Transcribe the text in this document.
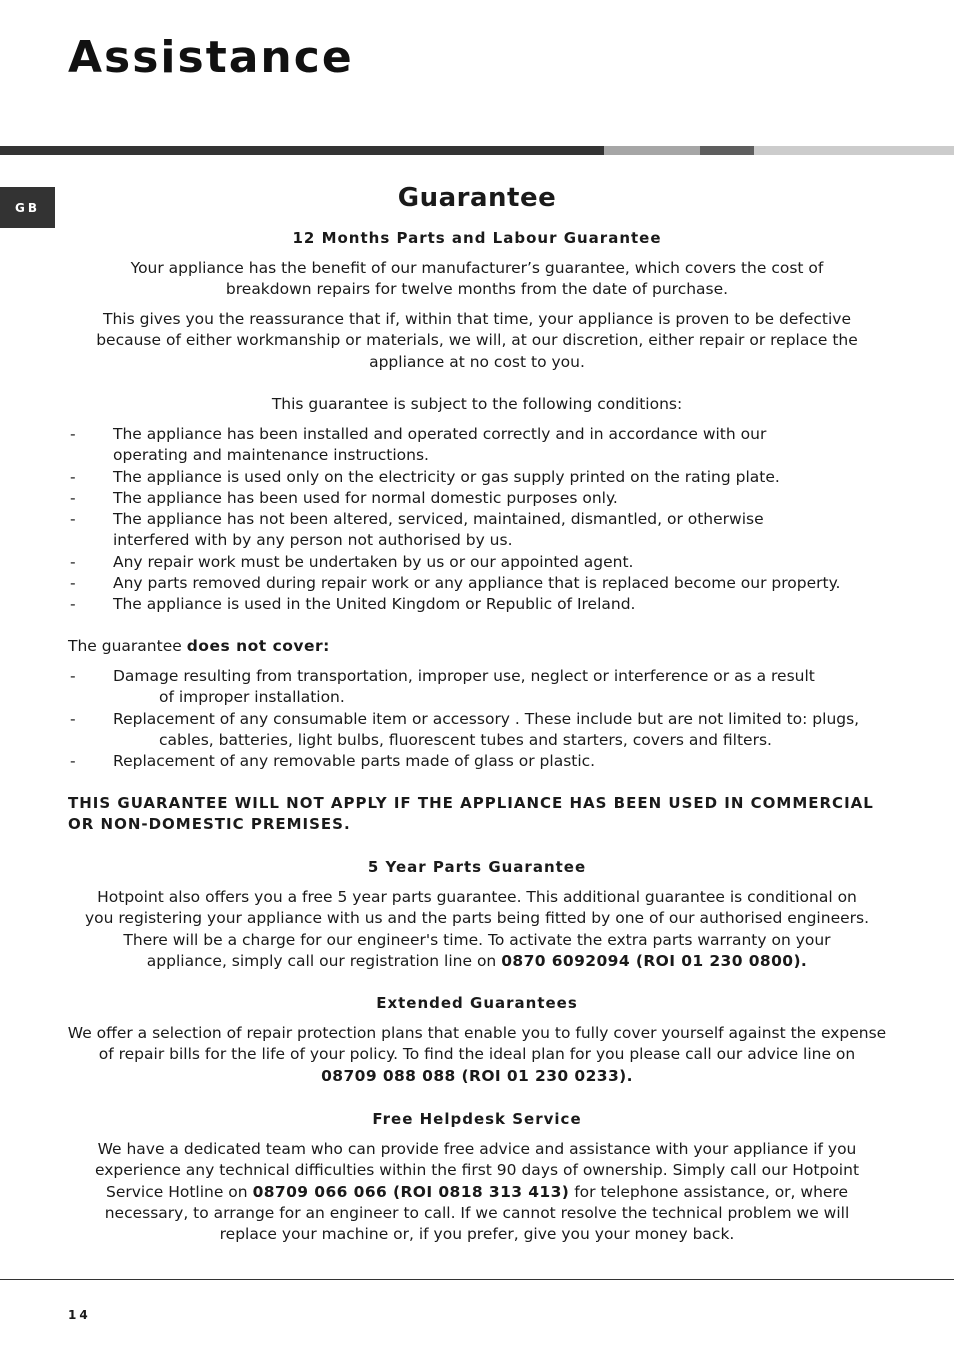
Assistance
GB	Guarantee
12 Months Parts and Labour Guarantee
Your appliance has the benefit of our manufacturer’s guarantee, which covers the cost of
breakdown repairs for twelve months from the date of purchase.
This gives you the reassurance that if, within that time, your appliance is proven to be defective
because of either workmanship or materials, we will, at our discretion, either repair or replace the
appliance at no cost to you.
This guarantee is subject to the following conditions:
- The appliance has been installed and operated correctly and in accordance with our
operating and maintenance instructions.
- The appliance is used only on the electricity or gas supply printed on the rating plate.
- The appliance has been used for normal domestic purposes only.
- The appliance has not been altered, serviced, maintained, dismantled, or otherwise
interfered with by any person not authorised by us.
- Any repair work must be undertaken by us or our appointed agent.
- Any parts removed during repair work or any appliance that is replaced become our property.
- The appliance is used in the United Kingdom or Republic of Ireland.
The guarantee does not cover:
- Damage resulting from transportation, improper use, neglect or interference or as a result
of improper installation.
- Replacement of any consumable item or accessory . These include but are not limited to: plugs,
cables, batteries, light bulbs, fluorescent tubes and starters, covers and filters.
- Replacement of any removable parts made of glass or plastic.
THIS GUARANTEE WILL NOT APPLY IF THE APPLIANCE HAS BEEN USED IN COMMERCIAL
OR NON-DOMESTIC PREMISES.
5 Year Parts Guarantee
Hotpoint also offers you a free 5 year parts guarantee. This additional guarantee is conditional on
you registering your appliance with us and the parts being fitted by one of our authorised engineers.
There will be a charge for our engineer's time. To activate the extra parts warranty on your
appliance, simply call our registration line on 0870 6092094 (ROI 01 230 0800).
Extended Guarantees
We offer a selection of repair protection plans that enable you to fully cover yourself against the expense
of repair bills for the life of your policy. To find the ideal plan for you please call our advice line on
08709 088 088 (ROI 01 230 0233).
Free Helpdesk Service
We have a dedicated team who can provide free advice and assistance with your appliance if you
experience any technical difficulties within the first 90 days of ownership. Simply call our Hotpoint
Service Hotline on 08709 066 066 (ROI 0818 313 413) for telephone assistance, or, where
necessary, to arrange for an engineer to call. If we cannot resolve the technical problem we will
replace your machine or, if you prefer, give you your money back.
14
